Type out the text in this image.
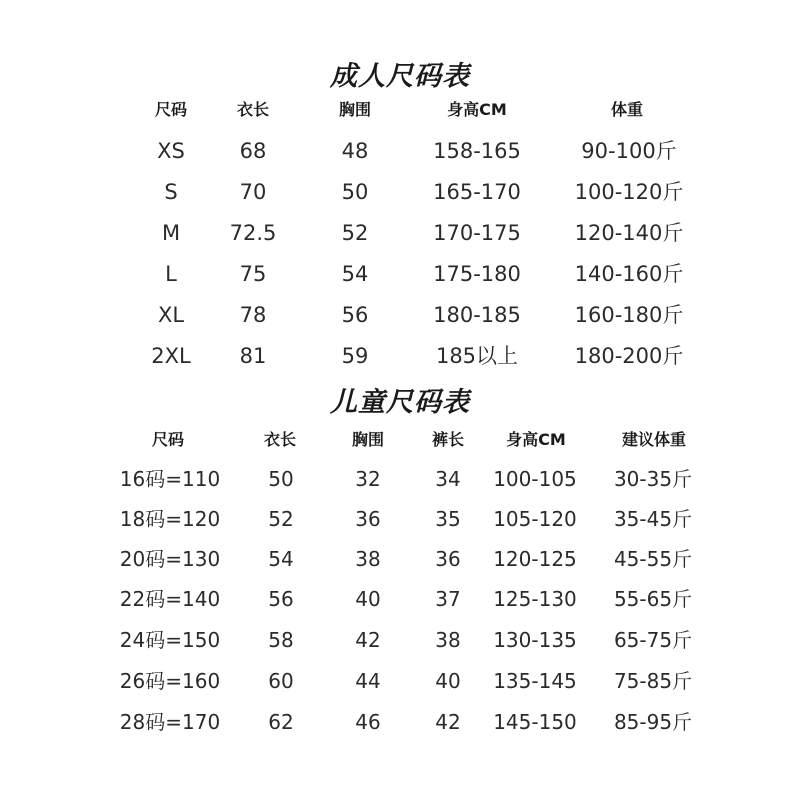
成人尺码表
尺码	衣长	胸围	身高CM	体重
XS	68	48	158-165	90-100斤
S	70	50	165-170	100-120斤
M	72.5	52	170-175	120-140斤
L	75	54	175-180	140-160斤
XL	78	56	180-185	160-180斤
2XL	81	59	185以上	180-200斤
儿童尺码表
尺码	衣长	胸围	裤长	身高CM	建议体重
16码=110	50	32	34	100-105	30-35斤
18码=120	52	36	35	105-120	35-45斤
20码=130	54	38	36	120-125	45-55斤
22码=140	56	40	37	125-130	55-65斤
24码=150	58	42	38	130-135	65-75斤
26码=160	60	44	40	135-145	75-85斤
28码=170	62	46	42	145-150	85-95斤
